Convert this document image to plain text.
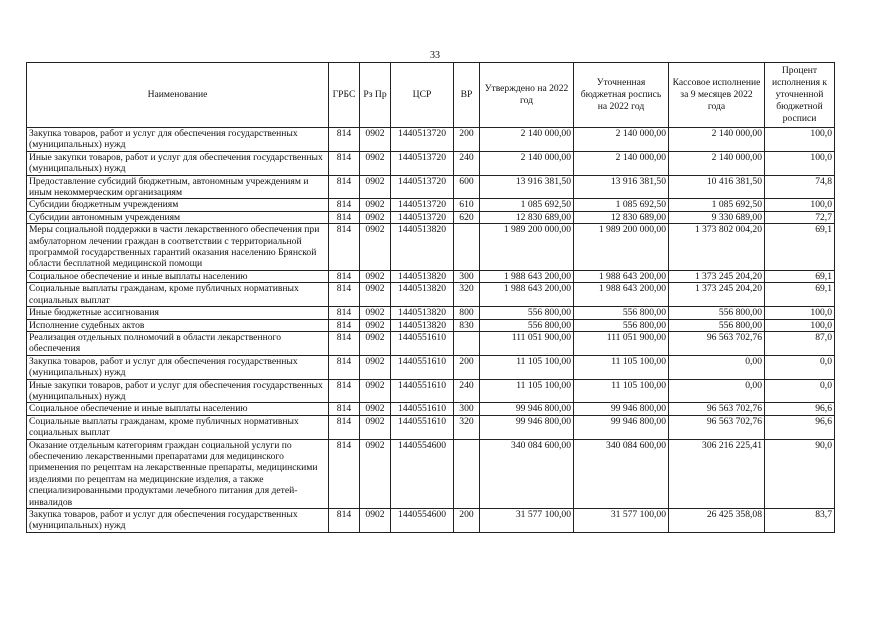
33
Наименование	ГРБС	Рз Пр	ЦСР	ВР	Утверждено на 2022 год	Уточненная бюджетная роспись на 2022 год	Кассовое исполнение за 9 месяцев 2022 года	Процент исполнения к уточненной бюджетной росписи
Закупка товаров, работ и услуг для обеспечения государственных (муниципальных) нужд	814	0902	1440513720	200	2 140 000,00	2 140 000,00	2 140 000,00	100,0
Иные закупки товаров, работ и услуг для обеспечения государственных (муниципальных) нужд	814	0902	1440513720	240	2 140 000,00	2 140 000,00	2 140 000,00	100,0
Предоставление субсидий бюджетным, автономным учреждениям и иным некоммерческим организациям	814	0902	1440513720	600	13 916 381,50	13 916 381,50	10 416 381,50	74,8
Субсидии бюджетным учреждениям	814	0902	1440513720	610	1 085 692,50	1 085 692,50	1 085 692,50	100,0
Субсидии автономным учреждениям	814	0902	1440513720	620	12 830 689,00	12 830 689,00	9 330 689,00	72,7
Меры социальной поддержки в части лекарственного обеспечения при амбулаторном лечении граждан в соответствии с территориальной программой государственных гарантий оказания населению Брянской области бесплатной медицинской помощи	814	0902	1440513820		1 989 200 000,00	1 989 200 000,00	1 373 802 004,20	69,1
Социальное обеспечение и иные выплаты населению	814	0902	1440513820	300	1 988 643 200,00	1 988 643 200,00	1 373 245 204,20	69,1
Социальные выплаты гражданам, кроме публичных нормативных социальных выплат	814	0902	1440513820	320	1 988 643 200,00	1 988 643 200,00	1 373 245 204,20	69,1
Иные бюджетные ассигнования	814	0902	1440513820	800	556 800,00	556 800,00	556 800,00	100,0
Исполнение судебных актов	814	0902	1440513820	830	556 800,00	556 800,00	556 800,00	100,0
Реализация отдельных полномочий в области лекарственного обеспечения	814	0902	1440551610		111 051 900,00	111 051 900,00	96 563 702,76	87,0
Закупка товаров, работ и услуг для обеспечения государственных (муниципальных) нужд	814	0902	1440551610	200	11 105 100,00	11 105 100,00	0,00	0,0
Иные закупки товаров, работ и услуг для обеспечения государственных (муниципальных) нужд	814	0902	1440551610	240	11 105 100,00	11 105 100,00	0,00	0,0
Социальное обеспечение и иные выплаты населению	814	0902	1440551610	300	99 946 800,00	99 946 800,00	96 563 702,76	96,6
Социальные выплаты гражданам, кроме публичных нормативных социальных выплат	814	0902	1440551610	320	99 946 800,00	99 946 800,00	96 563 702,76	96,6
Оказание отдельным категориям граждан социальной услуги по обеспечению лекарственными препаратами для медицинского применения по рецептам на лекарственные препараты, медицинскими изделиями по рецептам на медицинские изделия, а также специализированными продуктами лечебного питания для детей-инвалидов	814	0902	1440554600		340 084 600,00	340 084 600,00	306 216 225,41	90,0
Закупка товаров, работ и услуг для обеспечения государственных (муниципальных) нужд	814	0902	1440554600	200	31 577 100,00	31 577 100,00	26 425 358,08	83,7
